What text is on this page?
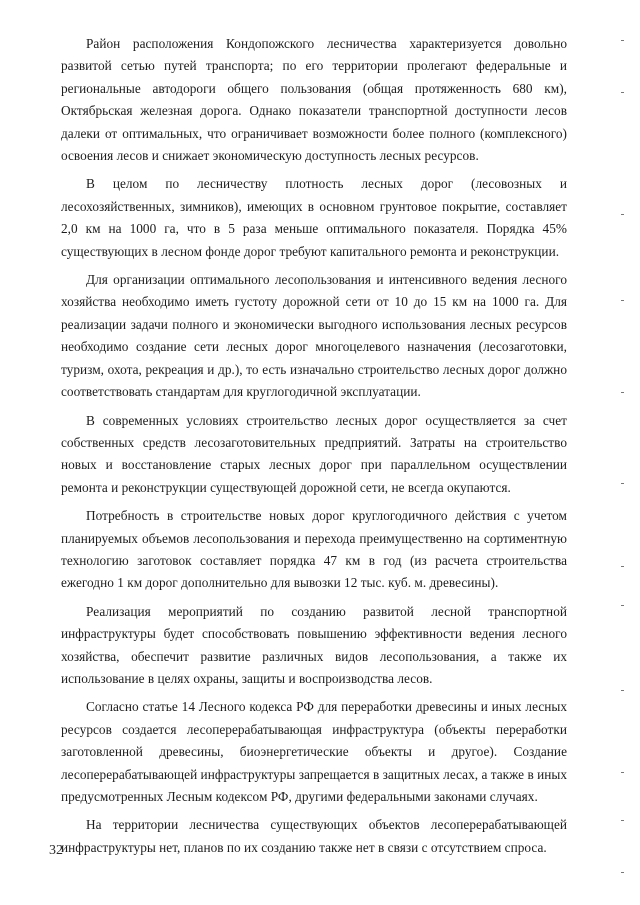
Район расположения Кондопожского лесничества характеризуется довольно развитой сетью путей транспорта; по его территории пролегают федеральные и региональные автодороги общего пользования (общая протяженность 680 км), Октябрьская железная дорога. Однако показатели транспортной доступности лесов далеки от оптимальных, что ограничивает возможности более полного (комплексного) освоения лесов и снижает экономическую доступность лесных ресурсов.

В целом по лесничеству плотность лесных дорог (лесовозных и лесохозяйственных, зимников), имеющих в основном грунтовое покрытие, составляет 2,0 км на 1000 га, что в 5 раза меньше оптимального показателя. Порядка 45% существующих в лесном фонде дорог требуют капитального ремонта и реконструкции.

Для организации оптимального лесопользования и интенсивного ведения лесного хозяйства необходимо иметь густоту дорожной сети от 10 до 15 км на 1000 га. Для реализации задачи полного и экономически выгодного использования лесных ресурсов необходимо создание сети лесных дорог многоцелевого назначения (лесозаготовки, туризм, охота, рекреация и др.), то есть изначально строительство лесных дорог должно соответствовать стандартам для круглогодичной эксплуатации.

В современных условиях строительство лесных дорог осуществляется за счет собственных средств лесозаготовительных предприятий. Затраты на строительство новых и восстановление старых лесных дорог при параллельном осуществлении ремонта и реконструкции существующей дорожной сети, не всегда окупаются.

Потребность в строительстве новых дорог круглогодичного действия с учетом планируемых объемов лесопользования и перехода преимущественно на сортиментную технологию заготовок составляет порядка 47 км в год (из расчета строительства ежегодно 1 км дорог дополнительно для вывозки 12 тыс. куб. м. древесины).

Реализация мероприятий по созданию развитой лесной транспортной инфраструктуры будет способствовать повышению эффективности ведения лесного хозяйства, обеспечит развитие различных видов лесопользования, а также их использование в целях охраны, защиты и воспроизводства лесов.

Согласно статье 14 Лесного кодекса РФ для переработки древесины и иных лесных ресурсов создается лесоперерабатывающая инфраструктура (объекты переработки заготовленной древесины, биоэнергетические объекты и другое). Создание лесоперерабатывающей инфраструктуры запрещается в защитных лесах, а также в иных предусмотренных Лесным кодексом РФ, другими федеральными законами случаях.

На территории лесничества существующих объектов лесоперерабатывающей инфраструктуры нет, планов по их созданию также нет в связи с отсутствием спроса.

32
